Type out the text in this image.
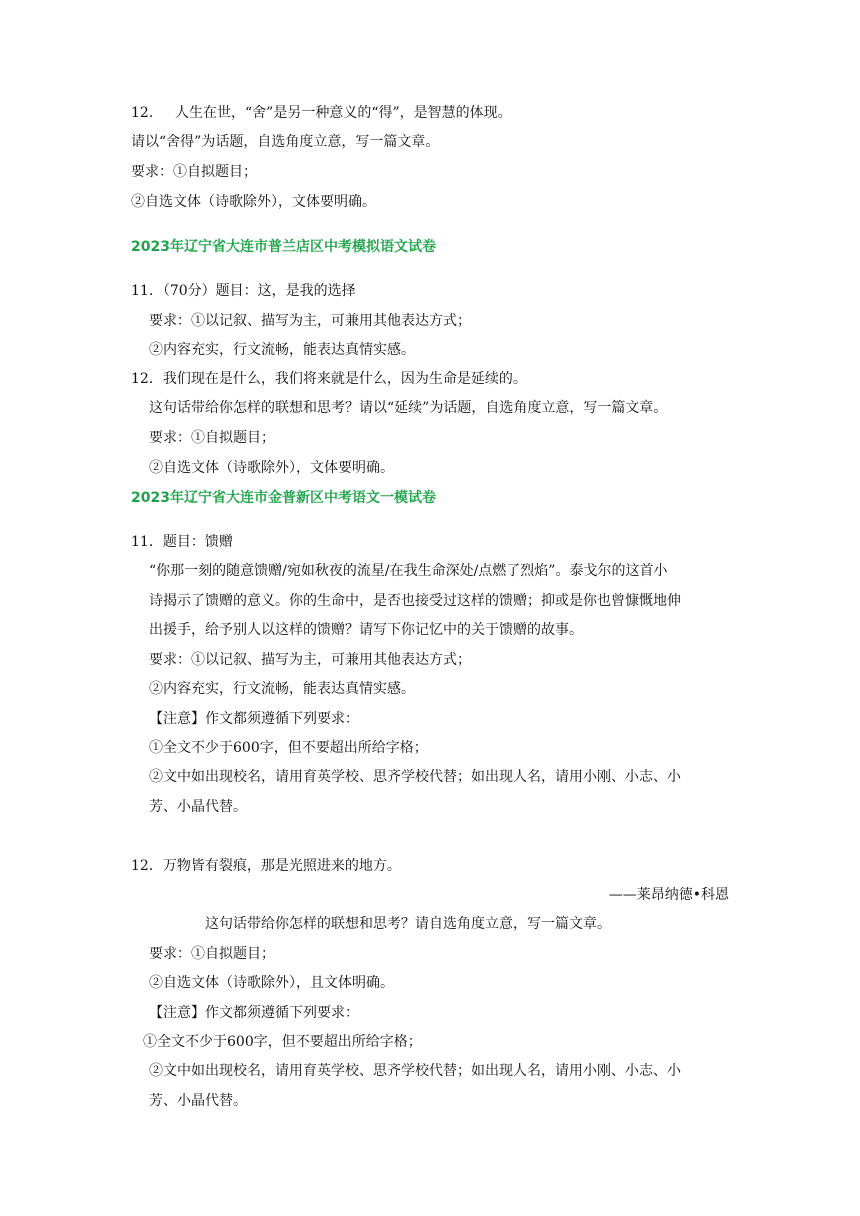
12. 人生在世，“舍”是另一种意义的“得”，是智慧的体现。
请以“舍得”为话题，自选角度立意，写一篇文章。
要求：①自拟题目；
②自选文体（诗歌除外），文体要明确。
2023年辽宁省大连市普兰店区中考模拟语文试卷
11．（70分）题目：这，是我的选择
要求：①以记叙、描写为主，可兼用其他表达方式；
②内容充实，行文流畅，能表达真情实感。
12．我们现在是什么，我们将来就是什么，因为生命是延续的。
这句话带给你怎样的联想和思考？请以“延续”为话题，自选角度立意，写一篇文章。
要求：①自拟题目；
②自选文体（诗歌除外），文体要明确。
2023年辽宁省大连市金普新区中考语文一模试卷
11．题目：馈赠
“你那一刻的随意馈赠/宛如秋夜的流星/在我生命深处/点燃了烈焰”。泰戈尔的这首小
诗揭示了馈赠的意义。你的生命中，是否也接受过这样的馈赠；抑或是你也曾慷慨地伸
出援手，给予别人以这样的馈赠？请写下你记忆中的关于馈赠的故事。
要求：①以记叙、描写为主，可兼用其他表达方式；
②内容充实，行文流畅，能表达真情实感。
【注意】作文都须遵循下列要求：
①全文不少于600字，但不要超出所给字格；
②文中如出现校名，请用育英学校、思齐学校代替；如出现人名，请用小刚、小志、小
芳、小晶代替。
12．万物皆有裂痕，那是光照进来的地方。
——莱昂纳德•科恩
这句话带给你怎样的联想和思考？请自选角度立意，写一篇文章。
要求：①自拟题目；
②自选文体（诗歌除外），且文体明确。
【注意】作文都须遵循下列要求：
①全文不少于600字，但不要超出所给字格；
②文中如出现校名，请用育英学校、思齐学校代替；如出现人名，请用小刚、小志、小
芳、小晶代替。
